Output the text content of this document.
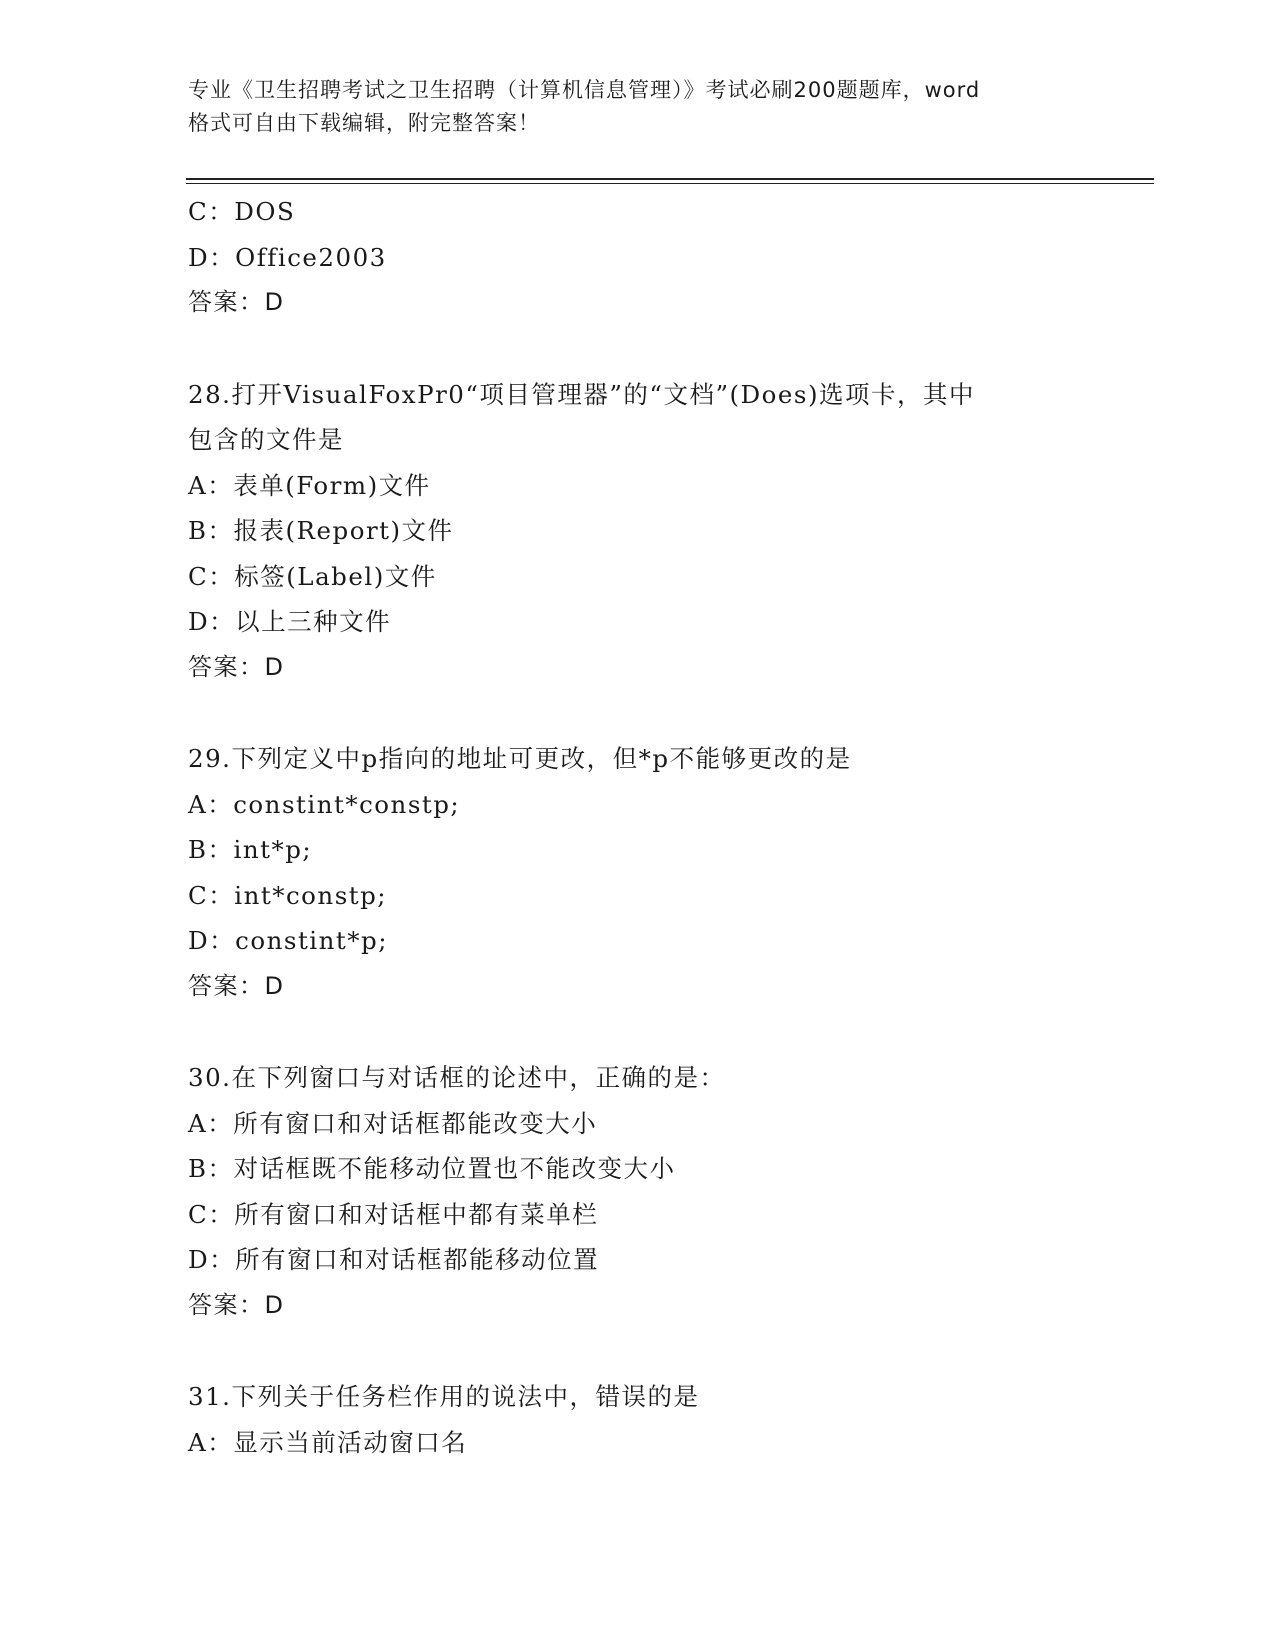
专业《卫生招聘考试之卫生招聘（计算机信息管理）》考试必刷200题题库，word
格式可自由下载编辑，附完整答案！
C：DOS
D：Office2003
答案：D
28.打开VisualFoxPr0“项目管理器”的“文档”(Does)选项卡，其中
包含的文件是
A：表单(Form)文件
B：报表(Report)文件
C：标签(Label)文件
D：以上三种文件
答案：D
29.下列定义中p指向的地址可更改，但*p不能够更改的是
A：constint*constp;
B：int*p;
C：int*constp;
D：constint*p;
答案：D
30.在下列窗口与对话框的论述中，正确的是：
A：所有窗口和对话框都能改变大小
B：对话框既不能移动位置也不能改变大小
C：所有窗口和对话框中都有菜单栏
D：所有窗口和对话框都能移动位置
答案：D
31.下列关于任务栏作用的说法中，错误的是
A：显示当前活动窗口名
